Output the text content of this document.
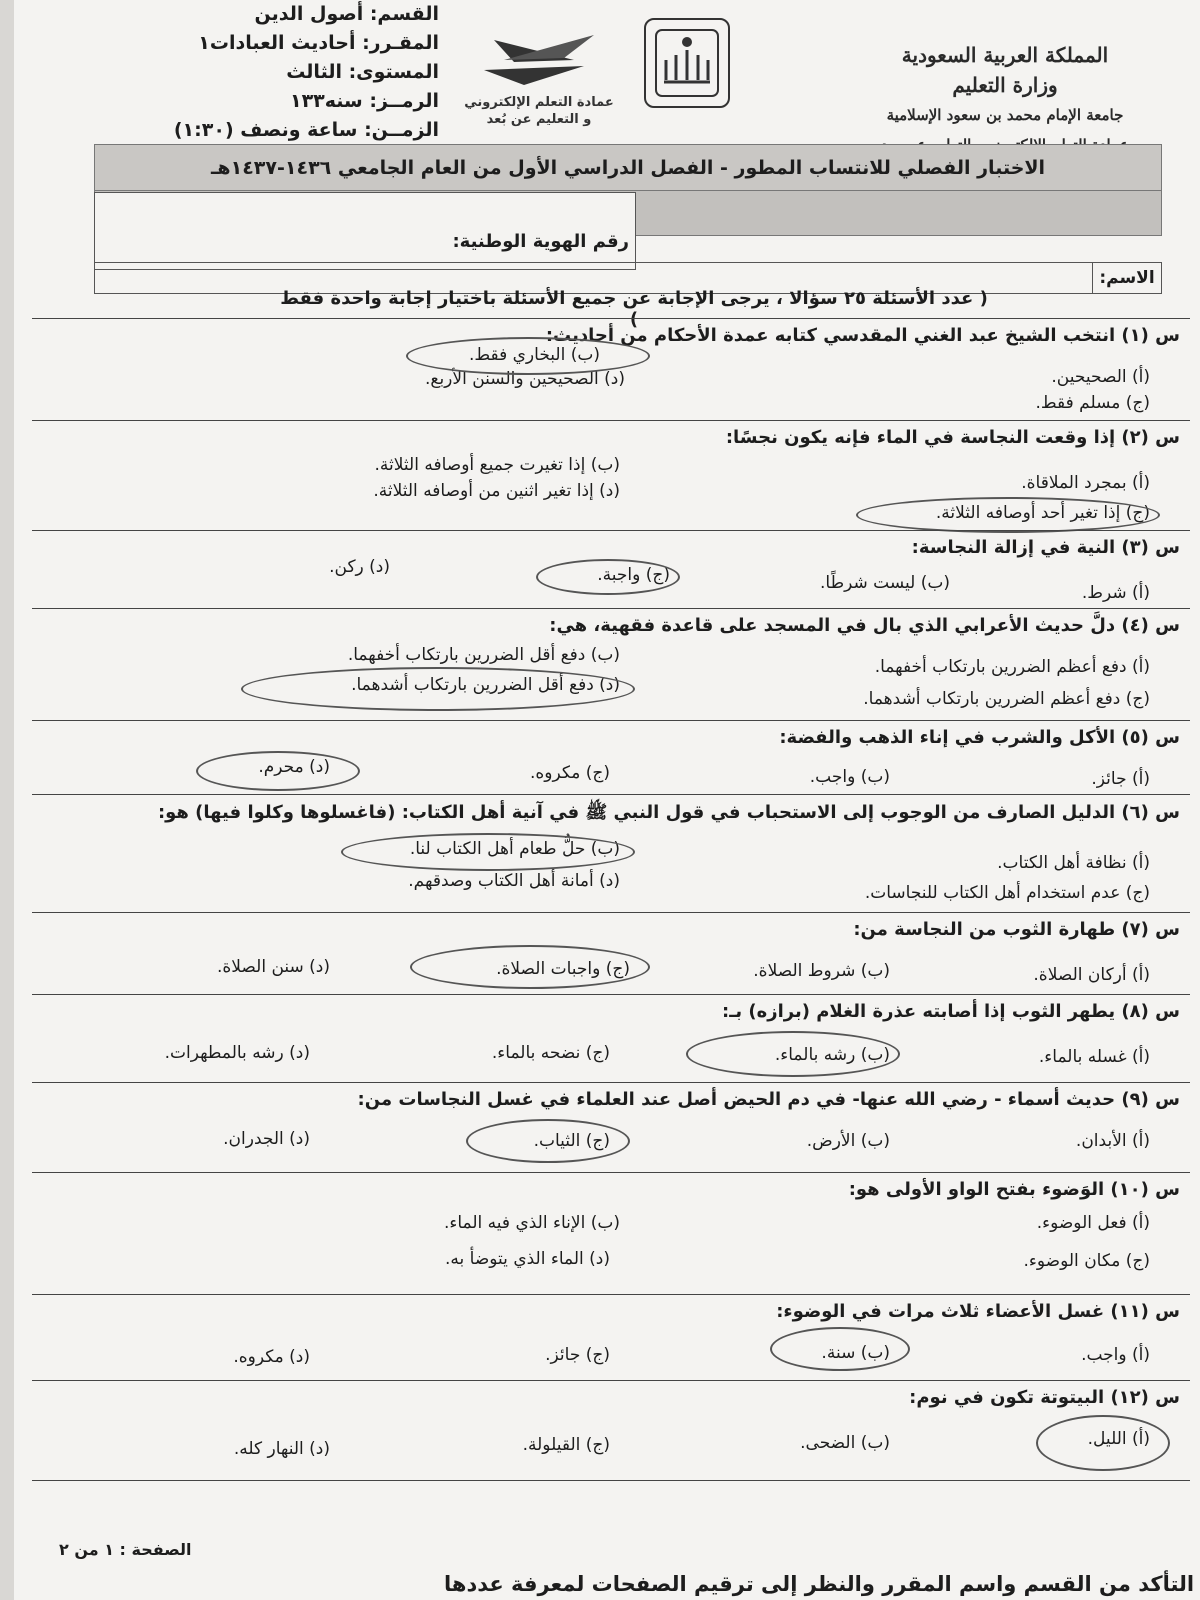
القسم: أصول الدين
المقـرر: أحاديث العبادات١
المستوى: الثالث
الرمــز: سنه١٣٣
الزمــن: ساعة ونصف (١:٣٠)
عمادة التعلم الإلكتروني
و التعليم عن بُعد
المملكة العربية السعودية
وزارة التعليم
جامعة الإمام محمد بن سعود الإسلامية
الاختبار الفصلي للانتساب المطور - الفصل الدراسي الأول من العام الجامعي ١٤٣٦-١٤٣٧هـ
رقم الهوية الوطنية:
الاسم:
( عدد الأسئلة ٢٥ سؤالا ، يرجى الإجابة عن جميع الأسئلة باختيار إجابة واحدة فقط )
س (١) انتخب الشيخ عبد الغني المقدسي كتابه عمدة الأحكام من أحاديث:
(أ) الصحيحين.
(ب) البخاري فقط.
(ج) مسلم فقط.
(د) الصحيحين والسنن الأربع.
س (٢) إذا وقعت النجاسة في الماء فإنه يكون نجسًا:
(أ) بمجرد الملاقاة.
(ب) إذا تغيرت جميع أوصافه الثلاثة.
(ج) إذا تغير أحد أوصافه الثلاثة.
(د) إذا تغير اثنين من أوصافه الثلاثة.
س (٣) النية في إزالة النجاسة:
(أ) شرط.
(ب) ليست شرطًا.
(ج) واجبة.
(د) ركن.
س (٤) دلَّ حديث الأعرابي الذي بال في المسجد على قاعدة فقهية، هي:
(أ) دفع أعظم الضررين بارتكاب أخفهما.
(ب) دفع أقل الضررين بارتكاب أخفهما.
(ج) دفع أعظم الضررين بارتكاب أشدهما.
(د) دفع أقل الضررين بارتكاب أشدهما.
س (٥) الأكل والشرب في إناء الذهب والفضة:
(أ) جائز.
(ب) واجب.
(ج) مكروه.
(د) محرم.
س (٦) الدليل الصارف من الوجوب إلى الاستحباب في قول النبي ﷺ في آنية أهل الكتاب: (فاغسلوها وكلوا فيها) هو:
(أ) نظافة أهل الكتاب.
(ب) حلُّ طعام أهل الكتاب لنا.
(ج) عدم استخدام أهل الكتاب للنجاسات.
(د) أمانة أهل الكتاب وصدقهم.
س (٧) طهارة الثوب من النجاسة من:
(أ) أركان الصلاة.
(ب) شروط الصلاة.
(ج) واجبات الصلاة.
(د) سنن الصلاة.
س (٨) يطهر الثوب إذا أصابته عذرة الغلام (برازه) بـ:
(أ) غسله بالماء.
(ب) رشه بالماء.
(ج) نضحه بالماء.
(د) رشه بالمطهرات.
س (٩) حديث أسماء - رضي الله عنها- في دم الحيض أصل عند العلماء في غسل النجاسات من:
(أ) الأبدان.
(ب) الأرض.
(ج) الثياب.
(د) الجدران.
س (١٠) الوَضوء بفتح الواو الأولى هو:
(أ) فعل الوضوء.
(ب) الإناء الذي فيه الماء.
(ج) مكان الوضوء.
(د) الماء الذي يتوضأ به.
س (١١) غسل الأعضاء ثلاث مرات في الوضوء:
(أ) واجب.
(ب) سنة.
(ج) جائز.
(د) مكروه.
س (١٢) البيتوتة تكون في نوم:
(أ) الليل.
(ب) الضحى.
(ج) القيلولة.
(د) النهار كله.
الصفحة : ١ من ٢
التأكد من القسم واسم المقرر والنظر إلى ترقيم الصفحات لمعرفة عددها
